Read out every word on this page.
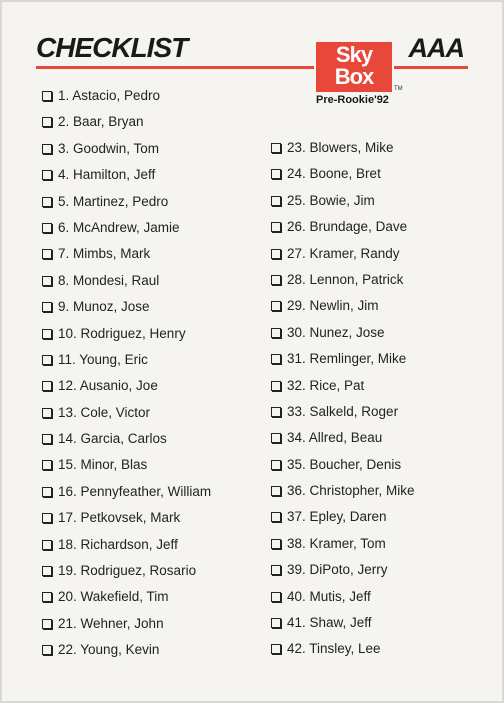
CHECKLIST	Sky
Box	TM
AAA
Pre-Rookie'92
1. Astacio, Pedro
2. Baar, Bryan
3. Goodwin, Tom
4. Hamilton, Jeff
5. Martinez, Pedro
6. McAndrew, Jamie
7. Mimbs, Mark
8. Mondesi, Raul
9. Munoz, Jose
10. Rodriguez, Henry
11. Young, Eric
12. Ausanio, Joe
13. Cole, Victor
14. Garcia, Carlos
15. Minor, Blas
16. Pennyfeather, William
17. Petkovsek, Mark
18. Richardson, Jeff
19. Rodriguez, Rosario
20. Wakefield, Tim
21. Wehner, John
22. Young, Kevin
23. Blowers, Mike
24. Boone, Bret
25. Bowie, Jim
26. Brundage, Dave
27. Kramer, Randy
28. Lennon, Patrick
29. Newlin, Jim
30. Nunez, Jose
31. Remlinger, Mike
32. Rice, Pat
33. Salkeld, Roger
34. Allred, Beau
35. Boucher, Denis
36. Christopher, Mike
37. Epley, Daren
38. Kramer, Tom
39. DiPoto, Jerry
40. Mutis, Jeff
41. Shaw, Jeff
42. Tinsley, Lee
